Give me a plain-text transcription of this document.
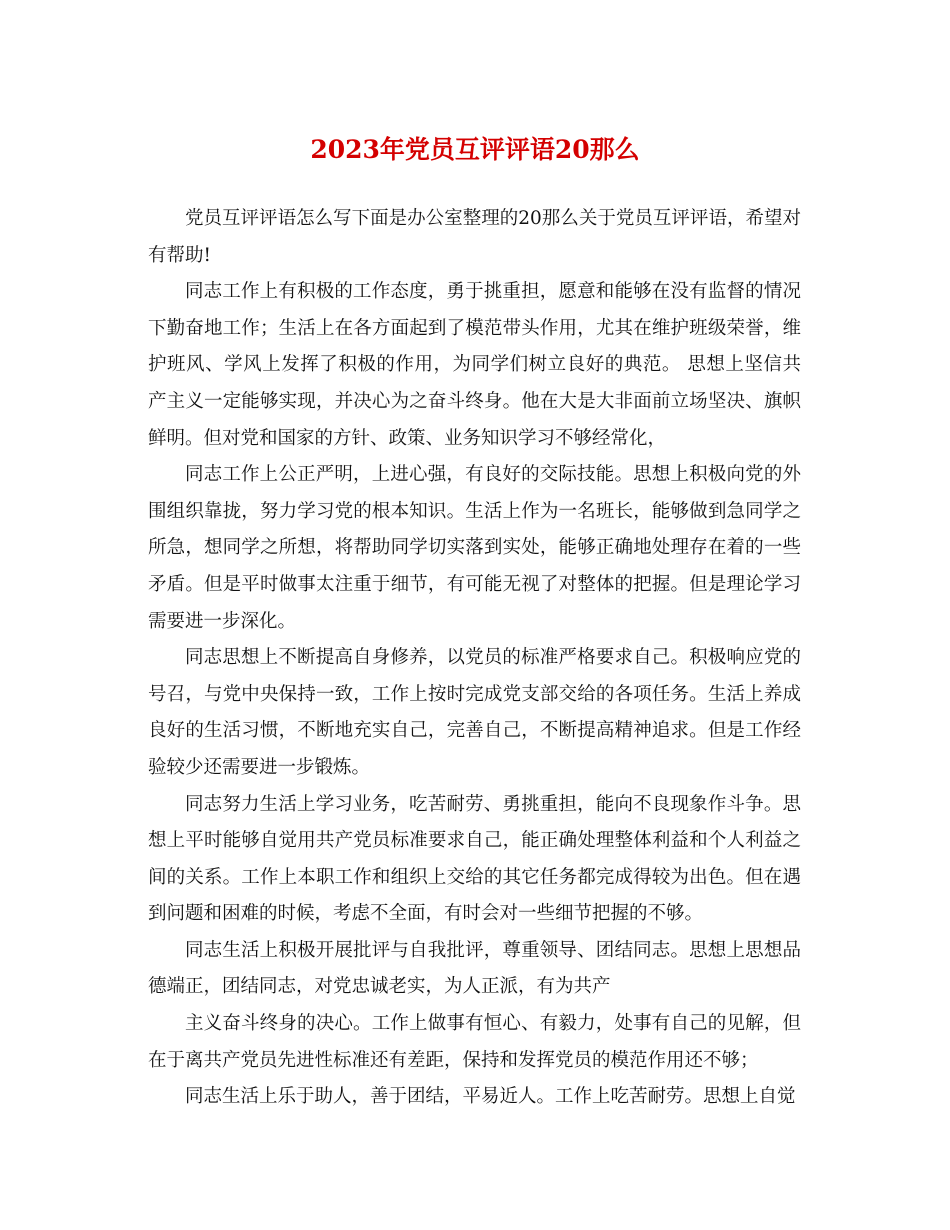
2023年党员互评评语20那么

党员互评评语怎么写下面是办公室整理的20那么关于党员互评评语，希望对有帮助!

同志工作上有积极的工作态度，勇于挑重担，愿意和能够在没有监督的情况下勤奋地工作；生活上在各方面起到了模范带头作用，尤其在维护班级荣誉，维护班风、学风上发挥了积极的作用，为同学们树立良好的典范。 思想上坚信共产主义一定能够实现，并决心为之奋斗终身。他在大是大非面前立场坚决、旗帜鲜明。但对党和国家的方针、政策、业务知识学习不够经常化，

同志工作上公正严明，上进心强，有良好的交际技能。思想上积极向党的外围组织靠拢，努力学习党的根本知识。生活上作为一名班长，能够做到急同学之所急，想同学之所想，将帮助同学切实落到实处，能够正确地处理存在着的一些矛盾。但是平时做事太注重于细节，有可能无视了对整体的把握。但是理论学习需要进一步深化。

同志思想上不断提高自身修养，以党员的标准严格要求自己。积极响应党的号召，与党中央保持一致，工作上按时完成党支部交给的各项任务。生活上养成良好的生活习惯，不断地充实自己，完善自己，不断提高精神追求。但是工作经验较少还需要进一步锻炼。

同志努力生活上学习业务，吃苦耐劳、勇挑重担，能向不良现象作斗争。思想上平时能够自觉用共产党员标准要求自己，能正确处理整体利益和个人利益之间的关系。工作上本职工作和组织上交给的其它任务都完成得较为出色。但在遇到问题和困难的时候，考虑不全面，有时会对一些细节把握的不够。

同志生活上积极开展批评与自我批评，尊重领导、团结同志。思想上思想品德端正，团结同志，对党忠诚老实，为人正派，有为共产

主义奋斗终身的决心。工作上做事有恒心、有毅力，处事有自己的见解，但在于离共产党员先进性标准还有差距，保持和发挥党员的模范作用还不够；

同志生活上乐于助人，善于团结，平易近人。工作上吃苦耐劳。思想上自觉
